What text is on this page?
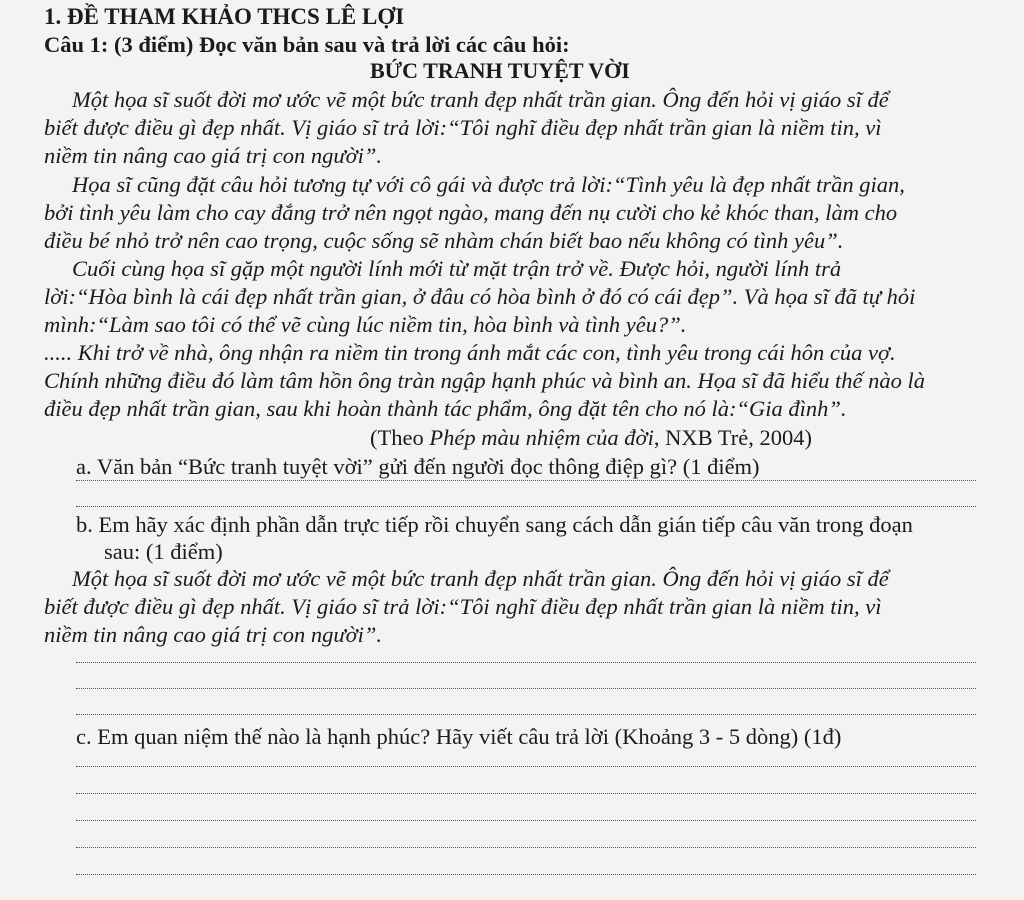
1. ĐỀ THAM KHẢO THCS LÊ LỢI
Câu 1: (3 điểm) Đọc văn bản sau và trả lời các câu hỏi:
BỨC TRANH TUYỆT VỜI
Một họa sĩ suốt đời mơ ước vẽ một bức tranh đẹp nhất trần gian. Ông đến hỏi vị giáo sĩ để
biết được điều gì đẹp nhất. Vị giáo sĩ trả lời:“Tôi nghĩ điều đẹp nhất trần gian là niềm tin, vì
niềm tin nâng cao giá trị con người”.
Họa sĩ cũng đặt câu hỏi tương tự với cô gái và được trả lời:“Tình yêu là đẹp nhất trần gian,
bởi tình yêu làm cho cay đắng trở nên ngọt ngào, mang đến nụ cười cho kẻ khóc than, làm cho
điều bé nhỏ trở nên cao trọng, cuộc sống sẽ nhàm chán biết bao nếu không có tình yêu”.
Cuối cùng họa sĩ gặp một người lính mới từ mặt trận trở về. Được hỏi, người lính trả
lời:“Hòa bình là cái đẹp nhất trần gian, ở đâu có hòa bình ở đó có cái đẹp”. Và họa sĩ đã tự hỏi
mình:“Làm sao tôi có thể vẽ cùng lúc niềm tin, hòa bình và tình yêu?”.
..... Khi trở về nhà, ông nhận ra niềm tin trong ánh mắt các con, tình yêu trong cái hôn của vợ.
Chính những điều đó làm tâm hồn ông tràn ngập hạnh phúc và bình an. Họa sĩ đã hiểu thế nào là
điều đẹp nhất trần gian, sau khi hoàn thành tác phẩm, ông đặt tên cho nó là:“Gia đình”.
(Theo Phép màu nhiệm của đời, NXB Trẻ, 2004)
a. Văn bản “Bức tranh tuyệt vời” gửi đến người đọc thông điệp gì? (1 điểm)
b. Em hãy xác định phần dẫn trực tiếp rồi chuyển sang cách dẫn gián tiếp câu văn trong đoạn
sau: (1 điểm)
Một họa sĩ suốt đời mơ ước vẽ một bức tranh đẹp nhất trần gian. Ông đến hỏi vị giáo sĩ để
biết được điều gì đẹp nhất. Vị giáo sĩ trả lời:“Tôi nghĩ điều đẹp nhất trần gian là niềm tin, vì
niềm tin nâng cao giá trị con người”.
c. Em quan niệm thế nào là hạnh phúc? Hãy viết câu trả lời (Khoảng 3 - 5 dòng) (1đ)
